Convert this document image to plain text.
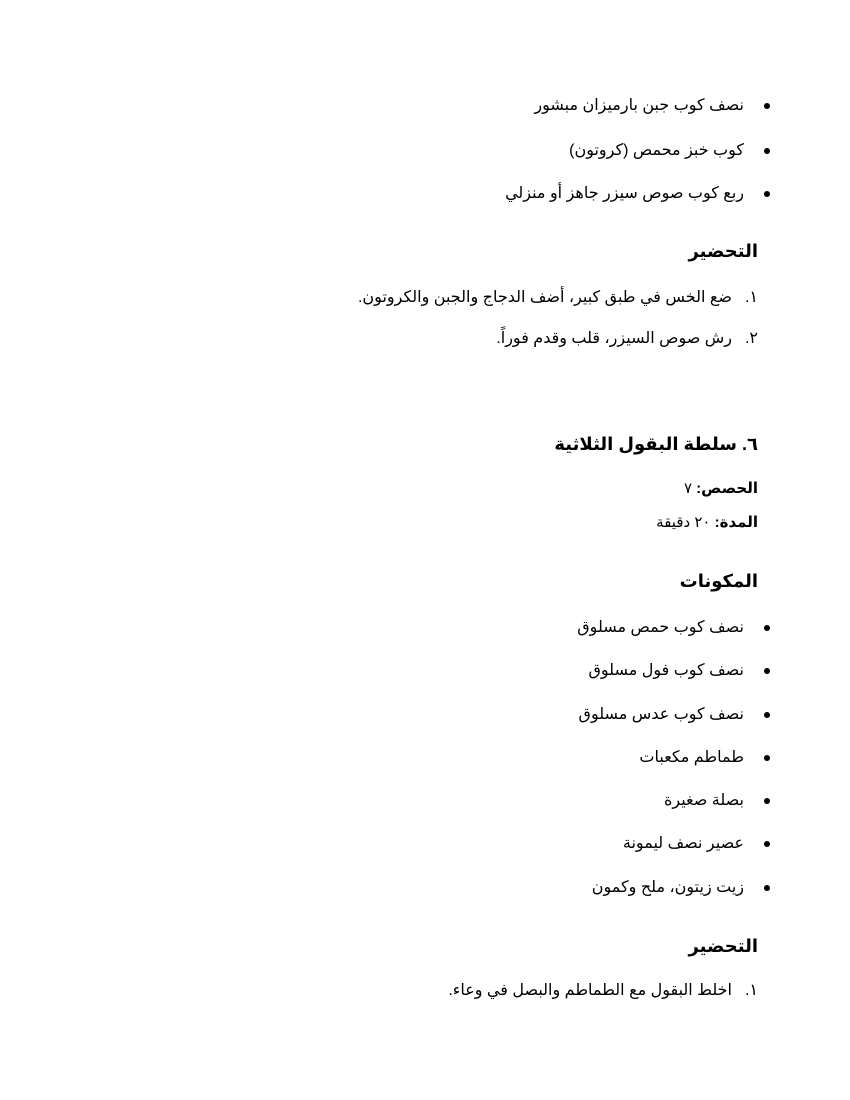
نصف كوب جبن بارميزان مبشور
كوب خبز محمص (كروتون)
ربع كوب صوص سيزر جاهز أو منزلي
التحضير
١.ضع الخس في طبق كبير، أضف الدجاج والجبن والكروتون.
٢.رش صوص السيزر، قلب وقدم فوراً.
٦. سلطة البقول الثلاثية
الحصص: ٧
المدة: ٢٠ دقيقة
المكونات
نصف كوب حمص مسلوق
نصف كوب فول مسلوق
نصف كوب عدس مسلوق
طماطم مكعبات
بصلة صغيرة
عصير نصف ليمونة
زيت زيتون، ملح وكمون
التحضير
١.اخلط البقول مع الطماطم والبصل في وعاء.
